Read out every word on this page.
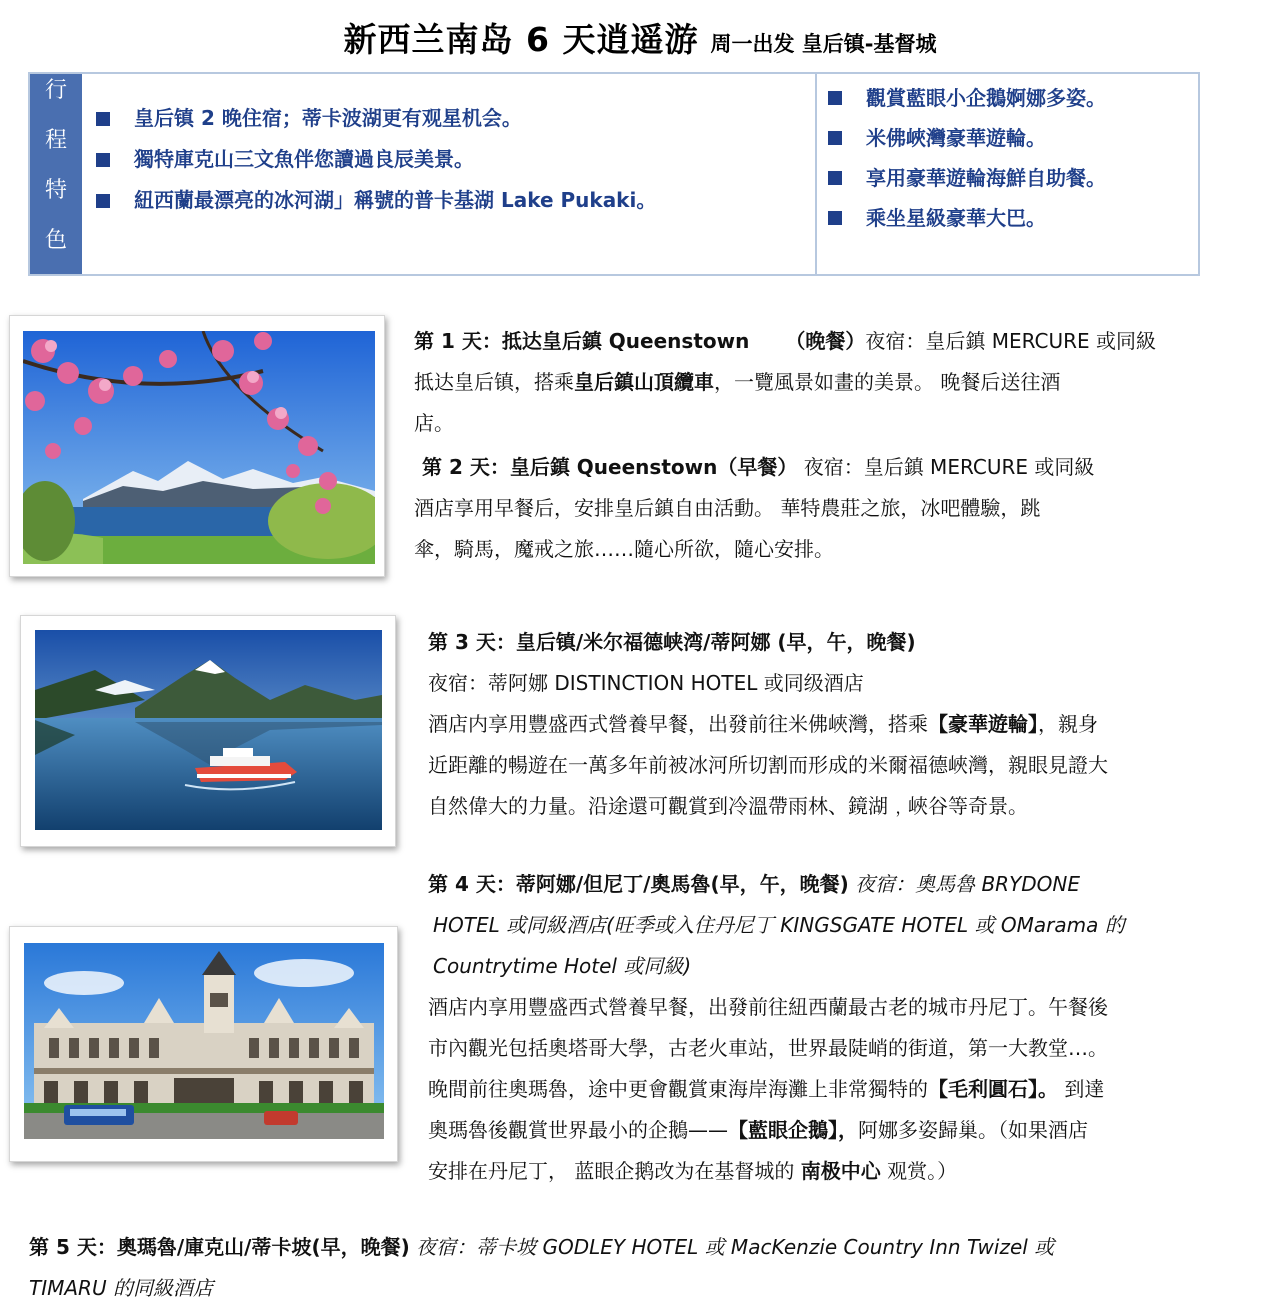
新西兰南岛 6 天逍遥游 周一出发 皇后镇-基督城
行
程
特
色
皇后镇 2 晚住宿；蒂卡波湖更有观星机会。
獨特庫克山三文魚伴您讀過良辰美景。
紐西蘭最漂亮的冰河湖」稱號的普卡基湖 Lake Pukaki。
觀賞藍眼小企鵝婀娜多姿。
米佛峽灣豪華遊輪。
享用豪華遊輪海鮮自助餐。
乘坐星級豪華大巴。
第 1 天：抵达皇后鎮 Queenstown （晚餐）夜宿：皇后鎮 MERCURE 或同級
抵达皇后镇，搭乘皇后鎮山頂纜車，一覽風景如畫的美景。 晚餐后送往酒
店。
第 2 天：皇后鎮 Queenstown（早餐） 夜宿：皇后鎮 MERCURE 或同級
酒店享用早餐后，安排皇后鎮自由活動。 華特農莊之旅，冰吧體驗，跳
傘，騎馬，魔戒之旅……隨心所欲，隨心安排。
第 3 天：皇后镇/米尔福德峡湾/蒂阿娜 (早，午，晚餐)
夜宿：蒂阿娜 DISTINCTION HOTEL 或同级酒店
酒店内享用豐盛西式營養早餐，出發前往米佛峽灣，搭乘【豪華遊輪】，親身
近距離的暢遊在一萬多年前被冰河所切割而形成的米爾福德峽灣，親眼見證大
自然偉大的力量。沿途還可觀賞到冷溫帶雨林、鏡湖﹐峽谷等奇景。
第 4 天：蒂阿娜/但尼丁/奧馬魯(早，午，晚餐) 夜宿：奧馬魯 BRYDONE
HOTEL 或同級酒店(旺季或入住丹尼丁 KINGSGATE HOTEL 或 OMarama 的
Countrytime Hotel 或同級)
酒店内享用豐盛西式營養早餐，出發前往紐西蘭最古老的城市丹尼丁。午餐後
市內觀光包括奧塔哥大學，古老火車站，世界最陡峭的街道，第一大教堂…。
晚間前往奧瑪魯，途中更會觀賞東海岸海灘上非常獨特的【毛利圓石】。 到達
奧瑪魯後觀賞世界最小的企鵝——【藍眼企鵝】，阿娜多姿歸巢。（如果酒店
安排在丹尼丁， 蓝眼企鹅改为在基督城的 南极中心 观赏。）
第 5 天：奧瑪魯/庫克山/蒂卡坡(早，晚餐) 夜宿：蒂卡坡 GODLEY HOTEL 或 MacKenzie Country Inn Twizel 或
TIMARU 的同級酒店
